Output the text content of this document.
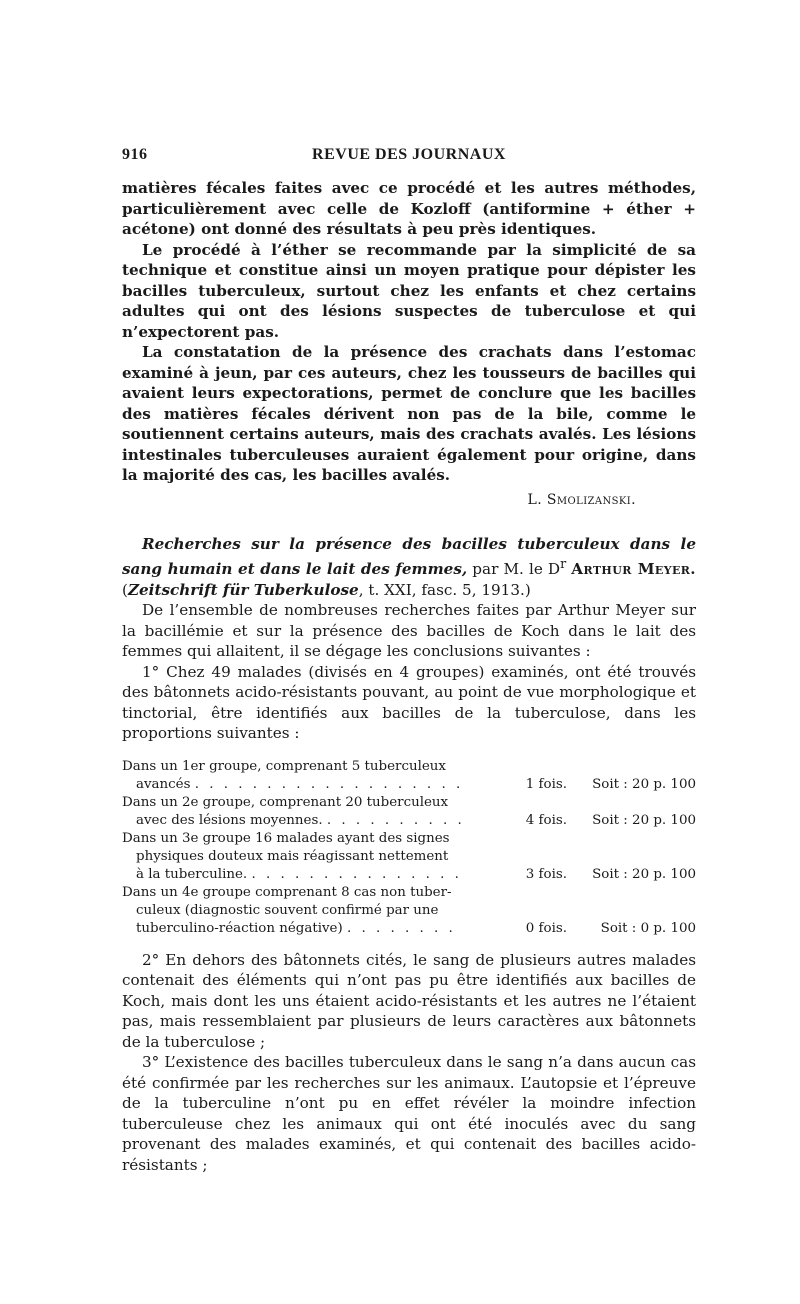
916	REVUE DES JOURNAUX

matières fécales faites avec ce procédé et les autres méthodes, particulièrement avec celle de Kozloff (antiformine + éther + acétone) ont donné des résultats à peu près identiques.

Le procédé à l’éther se recommande par la simplicité de sa technique et constitue ainsi un moyen pratique pour dépister les bacilles tuberculeux, surtout chez les enfants et chez certains adultes qui ont des lésions suspectes de tuberculose et qui n’expectorent pas.

La constatation de la présence des crachats dans l’estomac examiné à jeun, par ces auteurs, chez les tousseurs de bacilles qui avaient leurs expectorations, permet de conclure que les bacilles des matières fécales dérivent non pas de la bile, comme le soutiennent certains auteurs, mais des crachats avalés. Les lésions intestinales tuberculeuses auraient également pour origine, dans la majorité des cas, les bacilles avalés.

L. Smolizanski.

Recherches sur la présence des bacilles tuberculeux dans le sang humain et dans le lait des femmes, par M. le $D^r$ Arthur Meyer. (Zeitschrift für Tuberkulose, t. XXI, fasc. 5, 1913.)

De l’ensemble de nombreuses recherches faites par Arthur Meyer sur la bacillémie et sur la présence des bacilles de Koch dans le lait des femmes qui allaitent, il se dégage les conclusions suivantes :

1° Chez 49 malades (divisés en 4 groupes) examinés, ont été trouvés des bâtonnets acido-résistants pouvant, au point de vue morphologique et tinctorial, être identifiés aux bacilles de la tuberculose, dans les proportions suivantes :

Dans un 1er groupe, comprenant 5 tuberculeux
avancés . . . . . . . . . . . . . . . . . . .	1 fois.	Soit : 20 p. 100
Dans un 2e groupe, comprenant 20 tuberculeux
avec des lésions moyennes. . . . . . . . . . .	4 fois.	Soit : 20 p. 100
Dans un 3e groupe 16 malades ayant des signes
physiques douteux mais réagissant nettement
à la tuberculine. . . . . . . . . . . . . . . .	3 fois.	Soit : 20 p. 100
Dans un 4e groupe comprenant 8 cas non tuber-
culeux (diagnostic souvent confirmé par une
tuberculino-réaction négative) . . . . . . . .	0 fois.	Soit : 0 p. 100

2° En dehors des bâtonnets cités, le sang de plusieurs autres malades contenait des éléments qui n’ont pas pu être identifiés aux bacilles de Koch, mais dont les uns étaient acido-résistants et les autres ne l’étaient pas, mais ressemblaient par plusieurs de leurs caractères aux bâtonnets de la tuberculose ;

3° L’existence des bacilles tuberculeux dans le sang n’a dans aucun cas été confirmée par les recherches sur les animaux. L’autopsie et l’épreuve de la tuberculine n’ont pu en effet révéler la moindre infection tuberculeuse chez les animaux qui ont été inoculés avec du sang provenant des malades examinés, et qui contenait des bacilles acido-résistants ;
